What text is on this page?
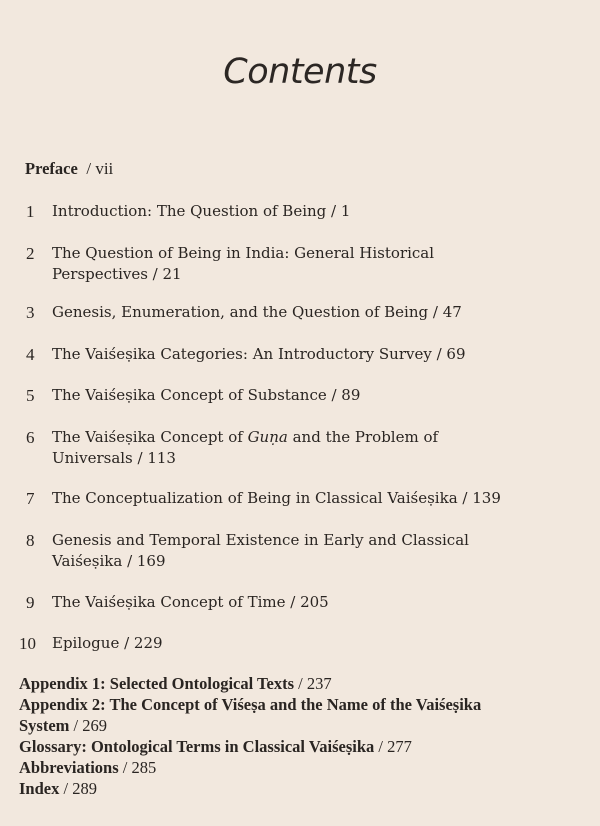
Contents
Preface  / vii
1	Introduction: The Question of Being / 1
2	The Question of Being in India: General Historical
Perspectives / 21
3	Genesis, Enumeration, and the Question of Being / 47
4	The Vaiśeṣika Categories: An Introductory Survey / 69
5	The Vaiśeṣika Concept of Substance / 89
6	The Vaiśeṣika Concept of Guṇa and the Problem of
Universals / 113
7	The Conceptualization of Being in Classical Vaiśeṣika / 139
8	Genesis and Temporal Existence in Early and Classical
Vaiśeṣika / 169
9	The Vaiśeṣika Concept of Time / 205
10 Epilogue / 229
Appendix 1: Selected Ontological Texts / 237
Appendix 2: The Concept of Viśeṣa and the Name of the Vaiśeṣika
System / 269
Glossary: Ontological Terms in Classical Vaiśeṣika / 277
Abbreviations / 285
Index / 289
